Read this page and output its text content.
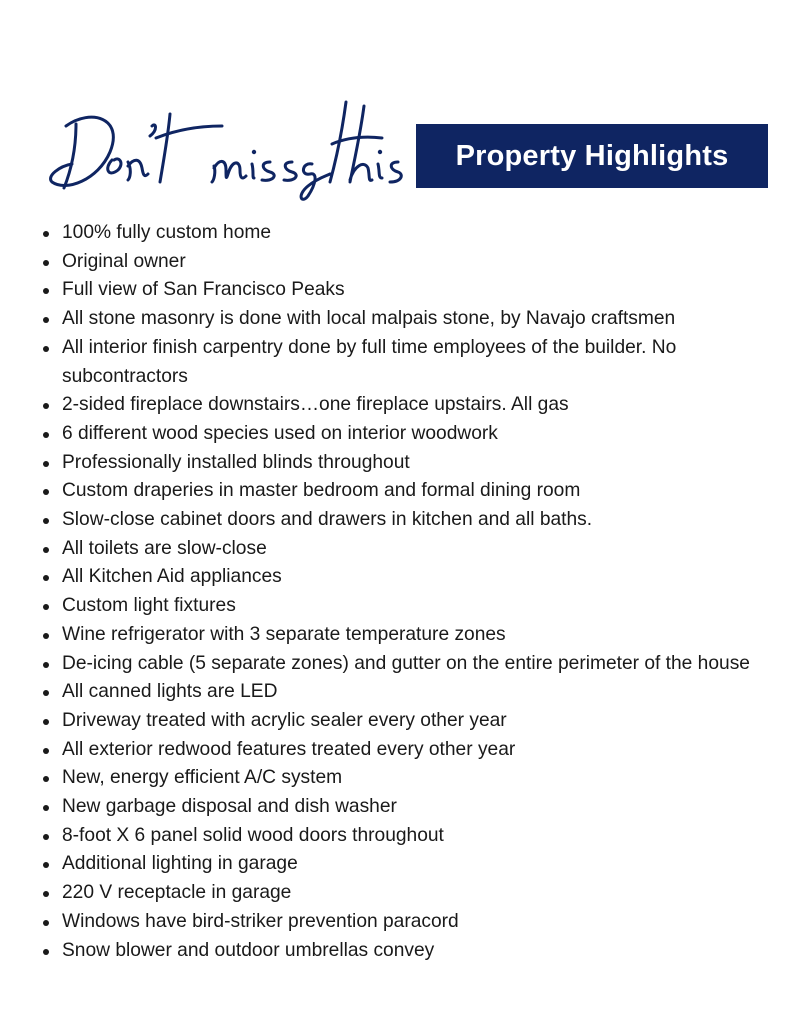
Property Highlights
100% fully custom home
Original owner
Full view of San Francisco Peaks
All stone masonry is done with local malpais stone, by Navajo craftsmen
All interior finish carpentry done by full time employees of the builder. No subcontractors
2-sided fireplace downstairs…one fireplace upstairs. All gas
6 different wood species used on interior woodwork
Professionally installed blinds throughout
Custom draperies in master bedroom and formal dining room
Slow-close cabinet doors and drawers in kitchen and all baths.
All toilets are slow-close
All Kitchen Aid appliances
Custom light fixtures
Wine refrigerator with 3 separate temperature zones
De-icing cable (5 separate zones) and gutter on the entire perimeter of the house
All canned lights are LED
Driveway treated with acrylic sealer every other year
All exterior redwood features treated every other year
New, energy efficient A/C system
New garbage disposal and dish washer
8-foot X 6 panel solid wood doors throughout
Additional lighting in garage
220 V receptacle in garage
Windows have bird-striker prevention paracord
Snow blower and outdoor umbrellas convey
